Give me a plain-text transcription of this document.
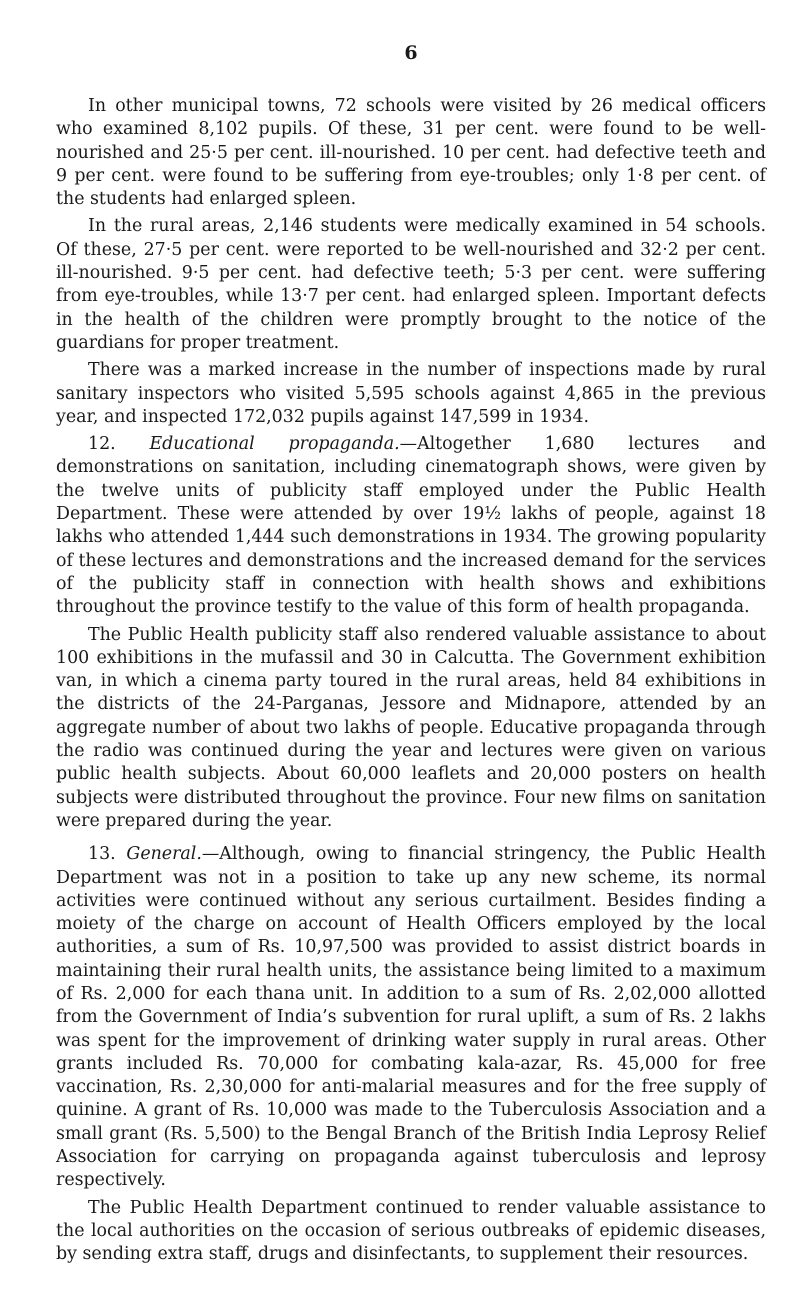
6

In other municipal towns, 72 schools were visited by 26 medical officers who examined 8,102 pupils. Of these, 31 per cent. were found to be well-nourished and 25·5 per cent. ill-nourished. 10 per cent. had defective teeth and 9 per cent. were found to be suffering from eye-troubles; only 1·8 per cent. of the students had enlarged spleen.

In the rural areas, 2,146 students were medically examined in 54 schools. Of these, 27·5 per cent. were reported to be well-nourished and 32·2 per cent. ill-nourished. 9·5 per cent. had defective teeth; 5·3 per cent. were suffering from eye-troubles, while 13·7 per cent. had enlarged spleen. Important defects in the health of the children were promptly brought to the notice of the guardians for proper treatment.

There was a marked increase in the number of inspections made by rural sanitary inspectors who visited 5,595 schools against 4,865 in the previous year, and inspected 172,032 pupils against 147,599 in 1934.

12. Educational propaganda.—Altogether 1,680 lectures and demonstrations on sanitation, including cinematograph shows, were given by the twelve units of publicity staff employed under the Public Health Department. These were attended by over 19½ lakhs of people, against 18 lakhs who attended 1,444 such demonstrations in 1934. The growing popularity of these lectures and demonstrations and the increased demand for the services of the publicity staff in connection with health shows and exhibitions throughout the province testify to the value of this form of health propaganda.

The Public Health publicity staff also rendered valuable assistance to about 100 exhibitions in the mufassil and 30 in Calcutta. The Government exhibition van, in which a cinema party toured in the rural areas, held 84 exhibitions in the districts of the 24-Parganas, Jessore and Midnapore, attended by an aggregate number of about two lakhs of people. Educative propaganda through the radio was continued during the year and lectures were given on various public health subjects. About 60,000 leaflets and 20,000 posters on health subjects were distributed throughout the province. Four new films on sanitation were prepared during the year.

13. General.—Although, owing to financial stringency, the Public Health Department was not in a position to take up any new scheme, its normal activities were continued without any serious curtailment. Besides finding a moiety of the charge on account of Health Officers employed by the local authorities, a sum of Rs. 10,97,500 was provided to assist district boards in maintaining their rural health units, the assistance being limited to a maximum of Rs. 2,000 for each thana unit. In addition to a sum of Rs. 2,02,000 allotted from the Government of India’s subvention for rural uplift, a sum of Rs. 2 lakhs was spent for the improvement of drinking water supply in rural areas. Other grants included Rs. 70,000 for combating kala-azar, Rs. 45,000 for free vaccination, Rs. 2,30,000 for anti-malarial measures and for the free supply of quinine. A grant of Rs. 10,000 was made to the Tuberculosis Association and a small grant (Rs. 5,500) to the Bengal Branch of the British India Leprosy Relief Association for carrying on propaganda against tuberculosis and leprosy respectively.

The Public Health Department continued to render valuable assistance to the local authorities on the occasion of serious outbreaks of epidemic diseases, by sending extra staff, drugs and disinfectants, to supplement their resources.
